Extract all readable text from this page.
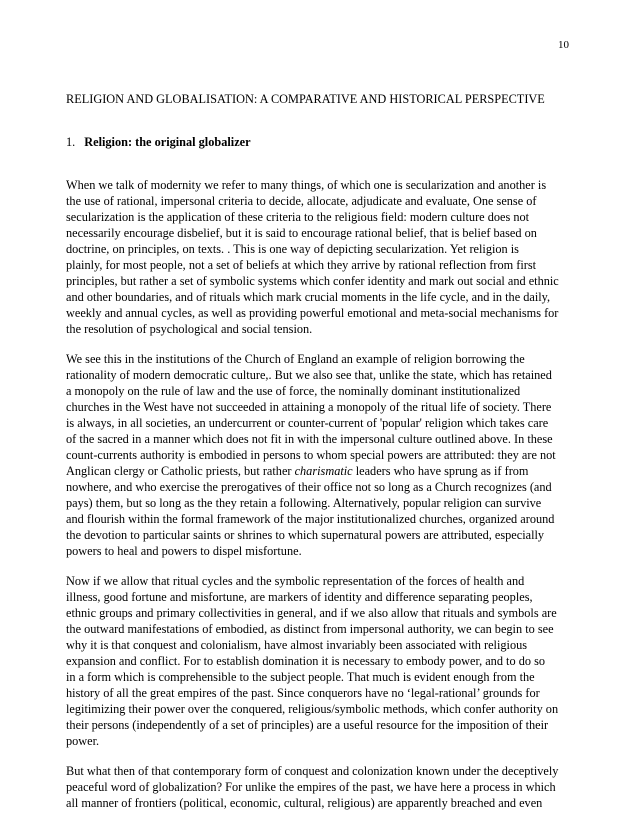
10
RELIGION AND GLOBALISATION: A COMPARATIVE AND HISTORICAL PERSPECTIVE
1. Religion: the original globalizer
When we talk of modernity we refer to many things, of which one is secularization and another is
the use of rational, impersonal criteria to decide, allocate, adjudicate and evaluate, One sense of
secularization is the application of these criteria to the religious field: modern culture does not
necessarily encourage disbelief, but it is said to encourage rational belief, that is belief based on
doctrine, on principles, on texts. . This is one way of depicting secularization. Yet religion is
plainly, for most people, not a set of beliefs at which they arrive by rational reflection from first
principles, but rather a set of symbolic systems which confer identity and mark out social and ethnic
and other boundaries, and of rituals which mark crucial moments in the life cycle, and in the daily,
weekly and annual cycles, as well as providing powerful emotional and meta-social mechanisms for
the resolution of psychological and social tension.
We see this in the institutions of the Church of England an example of religion borrowing the
rationality of modern democratic culture,. But we also see that, unlike the state, which has retained
a monopoly on the rule of law and the use of force, the nominally dominant institutionalized
churches in the West have not succeeded in attaining a monopoly of the ritual life of society. There
is always, in all societies, an undercurrent or counter-current of 'popular' religion which takes care
of the sacred in a manner which does not fit in with the impersonal culture outlined above. In these
count-currents authority is embodied in persons to whom special powers are attributed: they are not
Anglican clergy or Catholic priests, but rather charismatic leaders who have sprung as if from
nowhere, and who exercise the prerogatives of their office not so long as a Church recognizes (and
pays) them, but so long as the they retain a following. Alternatively, popular religion can survive
and flourish within the formal framework of the major institutionalized churches, organized around
the devotion to particular saints or shrines to which supernatural powers are attributed, especially
powers to heal and powers to dispel misfortune.
Now if we allow that ritual cycles and the symbolic representation of the forces of health and
illness, good fortune and misfortune, are markers of identity and difference separating peoples,
ethnic groups and primary collectivities in general, and if we also allow that rituals and symbols are
the outward manifestations of embodied, as distinct from impersonal authority, we can begin to see
why it is that conquest and colonialism, have almost invariably been associated with religious
expansion and conflict. For to establish domination it is necessary to embody power, and to do so
in a form which is comprehensible to the subject people. That much is evident enough from the
history of all the great empires of the past. Since conquerors have no ‘legal-rational’ grounds for
legitimizing their power over the conquered, religious/symbolic methods, which confer authority on
their persons (independently of a set of principles) are a useful resource for the imposition of their
power.
But what then of that contemporary form of conquest and colonization known under the deceptively
peaceful word of globalization? For unlike the empires of the past, we have here a process in which
all manner of frontiers (political, economic, cultural, religious) are apparently breached and even
